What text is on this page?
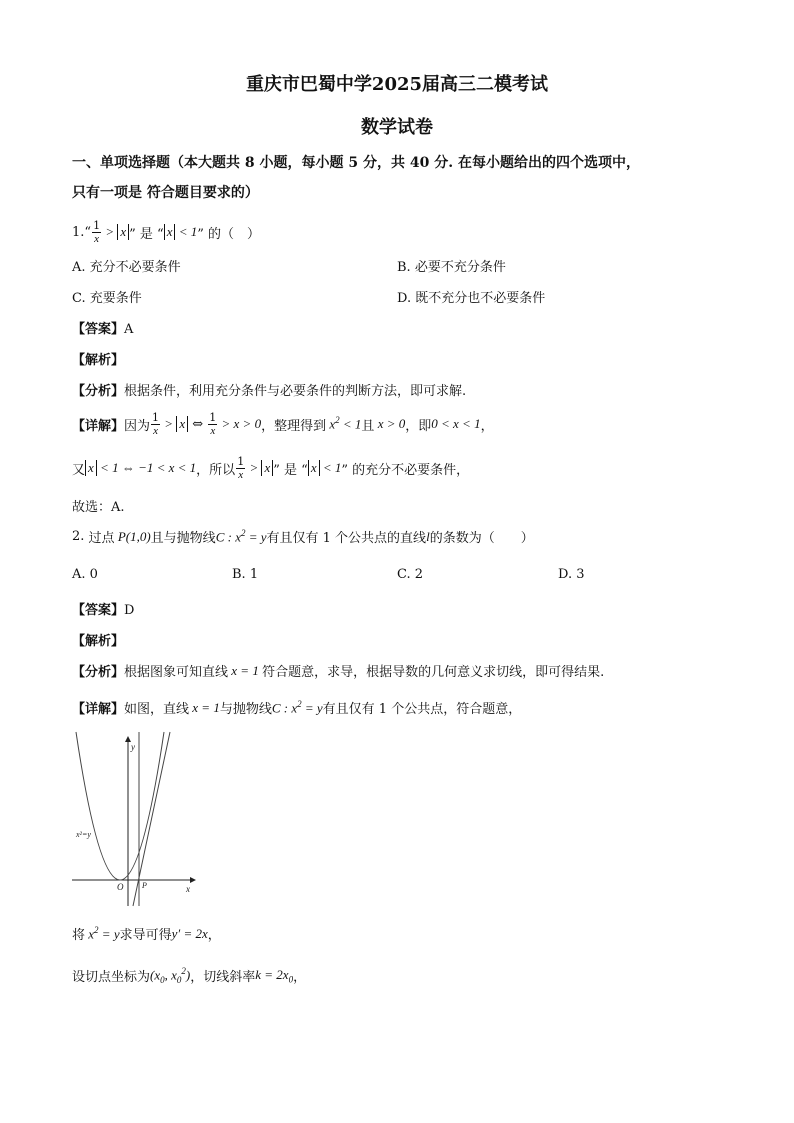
重庆市巴蜀中学2025届高三二模考试
数学试卷
一、单项选择题（本大题共 8 小题，每小题 5 分，共 40 分. 在每小题给出的四个选项中，
只有一项是 符合题目要求的）
1. “ $\frac{1}{x} > x$ ” 是 “ x < 1 ” 的（　）
A. 充分不必要条件	B. 必要不充分条件
C. 充要条件	D. 既不充分也不必要条件
【答案】A
【解析】
【分析】根据条件，利用充分条件与必要条件的判断方法，即可求解.
【详解】 因为 $\frac{1}{x} > x$ ⇔ $\frac{1}{x} > x > 0$ ，整理得到 $x^2 < 1$ 且 x > 0 ，即 0 < x < 1 ，
又 x < 1 ⇔ −1 < x < 1 ，所以 $\frac{1}{x} > x$ ” 是 “ x < 1 ” 的充分不必要条件，
故选：A.
2.
过点 P(1,0) 且与抛物线 C : $x^2 = y$ 有且仅有 1 个公共点的直线 l 的条数为（　　）
A. 0	B. 1	C. 2	D. 3
【答案】D
【解析】
【分析】 根据图象可知直线 x = 1 符合题意，求导，根据导数的几何意义求切线，即可得结果.
【详解】 如图，直线 x = 1 与抛物线 C : $x^2 = y$ 有且仅有 1 个公共点，符合题意，
x²=y
O P	x
y
将 $x^2 = y$ 求导可得 y′ = 2x ，
设切点坐标为 ($x_0$, $x_0^2$) ，切线斜率 $k = 2x_0$ ，
